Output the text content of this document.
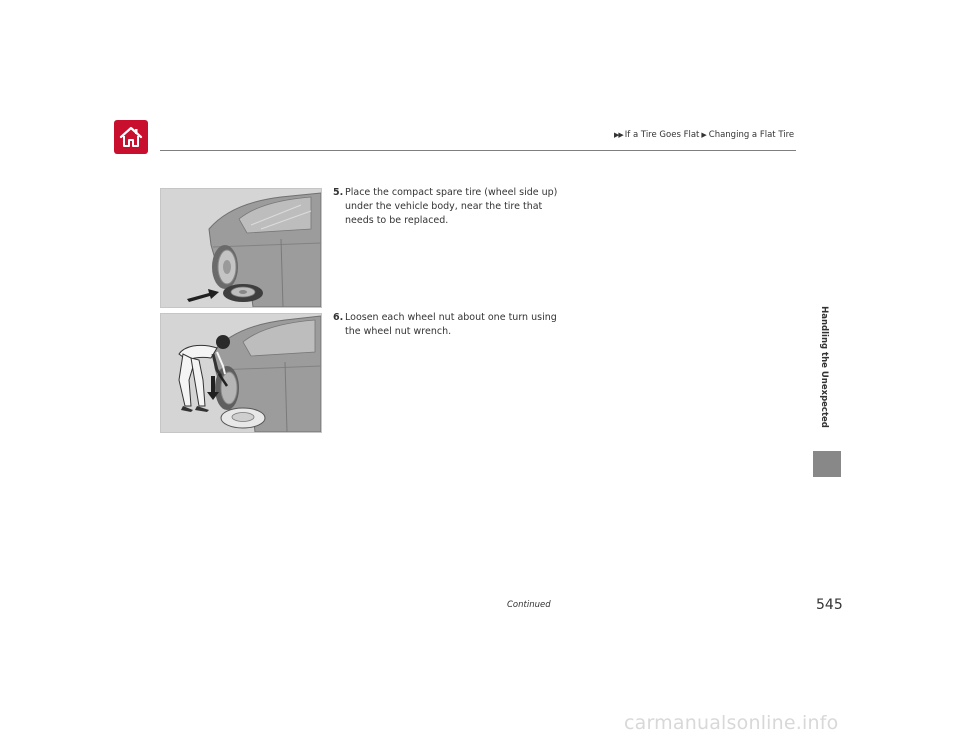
▶▶ If a Tire Goes Flat ▶ Changing a Flat Tire
Handling the Unexpected
5. Place the compact spare tire (wheel side up) under the vehicle body, near the tire that needs to be replaced.
6. Loosen each wheel nut about one turn using the wheel nut wrench.
Continued	545
carmanualsonline.info
